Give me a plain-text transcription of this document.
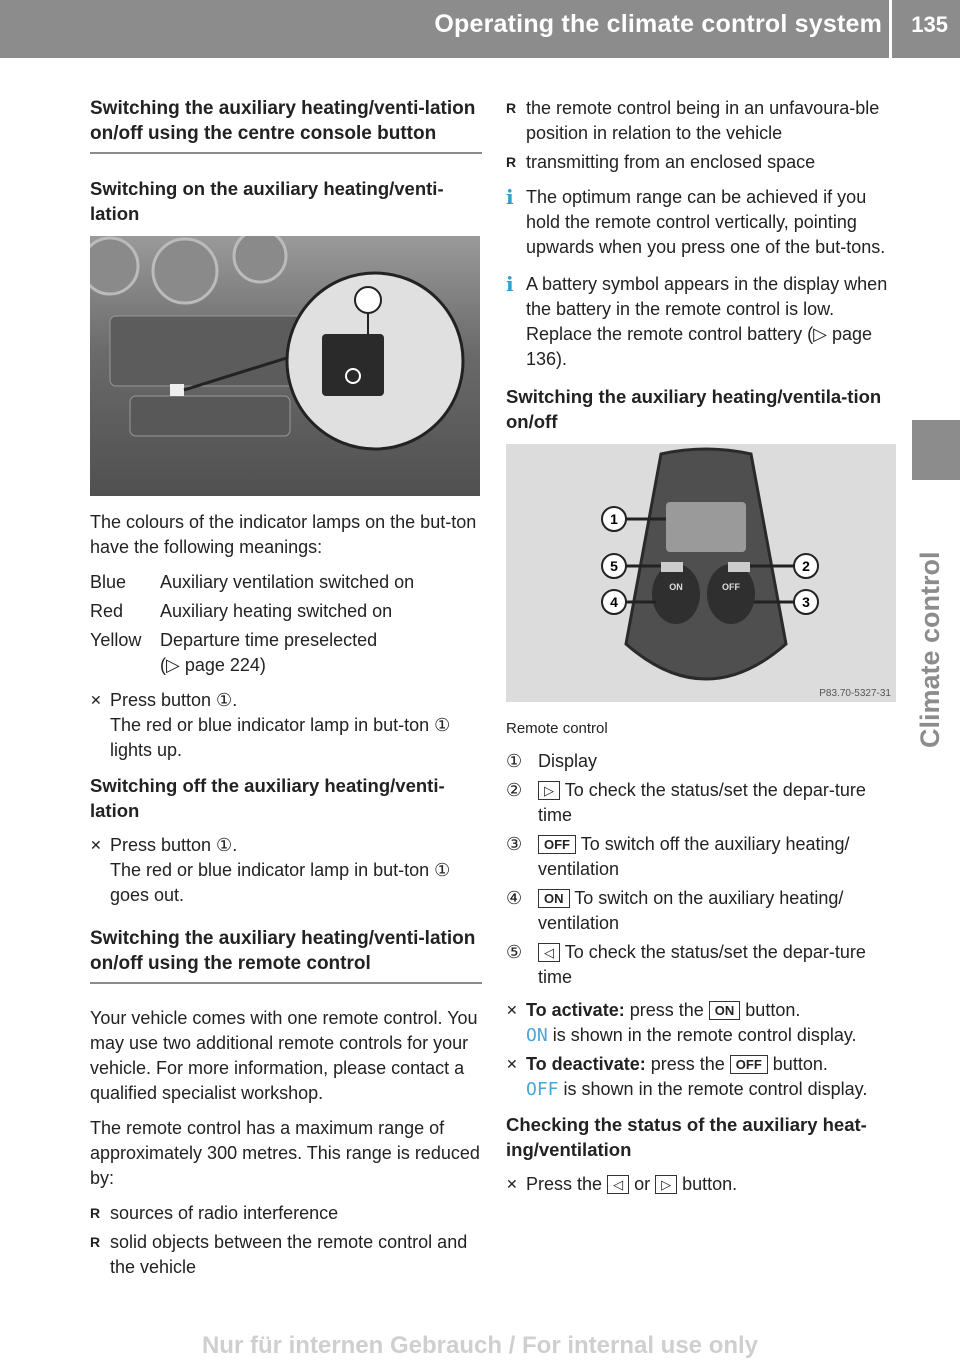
Operating the climate control system 135
Climate control
Switching the auxiliary heating/venti-lation on/off using the centre console button
Switching on the auxiliary heating/venti-lation

The colours of the indicator lamps on the but-ton have the following meanings:

Blue	Auxiliary ventilation switched on
Red	Auxiliary heating switched on
Yellow	Departure time preselected
(▷ page 224)
✕ Press button ①.
The red or blue indicator lamp in but-ton ① lights up.
Switching off the auxiliary heating/venti-lation
✕ Press button ①.
The red or blue indicator lamp in but-ton ① goes out.
Switching the auxiliary heating/venti-lation on/off using the remote control

Your vehicle comes with one remote control. You may use two additional remote controls for your vehicle. For more information, please contact a qualified specialist workshop.

The remote control has a maximum range of approximately 300 metres. This range is reduced by:

R sources of radio interference
R solid objects between the remote control and the vehicle
R the remote control being in an unfavoura-ble position in relation to the vehicle
R transmitting from an enclosed space
i The optimum range can be achieved if you hold the remote control vertically, pointing upwards when you press one of the but-tons.
i A battery symbol appears in the display when the battery in the remote control is low. Replace the remote control battery (▷ page 136).
Switching the auxiliary heating/ventila-tion on/off
1
5
4
2
3
ON	OFF
P83.70-5327-31
Remote control
① Display
②	▷ To check the status/set the depar-ture time
③	OFF To switch off the auxiliary heating/ ventilation
④	ON To switch on the auxiliary heating/ ventilation
⑤	◁ To check the status/set the depar-ture time
✕ To activate: press the ON button.
ON is shown in the remote control display.
✕ To deactivate: press the OFF button.
OFF is shown in the remote control display.
Checking the status of the auxiliary heat-ing/ventilation
✕ Press the ◁ or ▷ button.
Nur für internen Gebrauch / For internal use only
